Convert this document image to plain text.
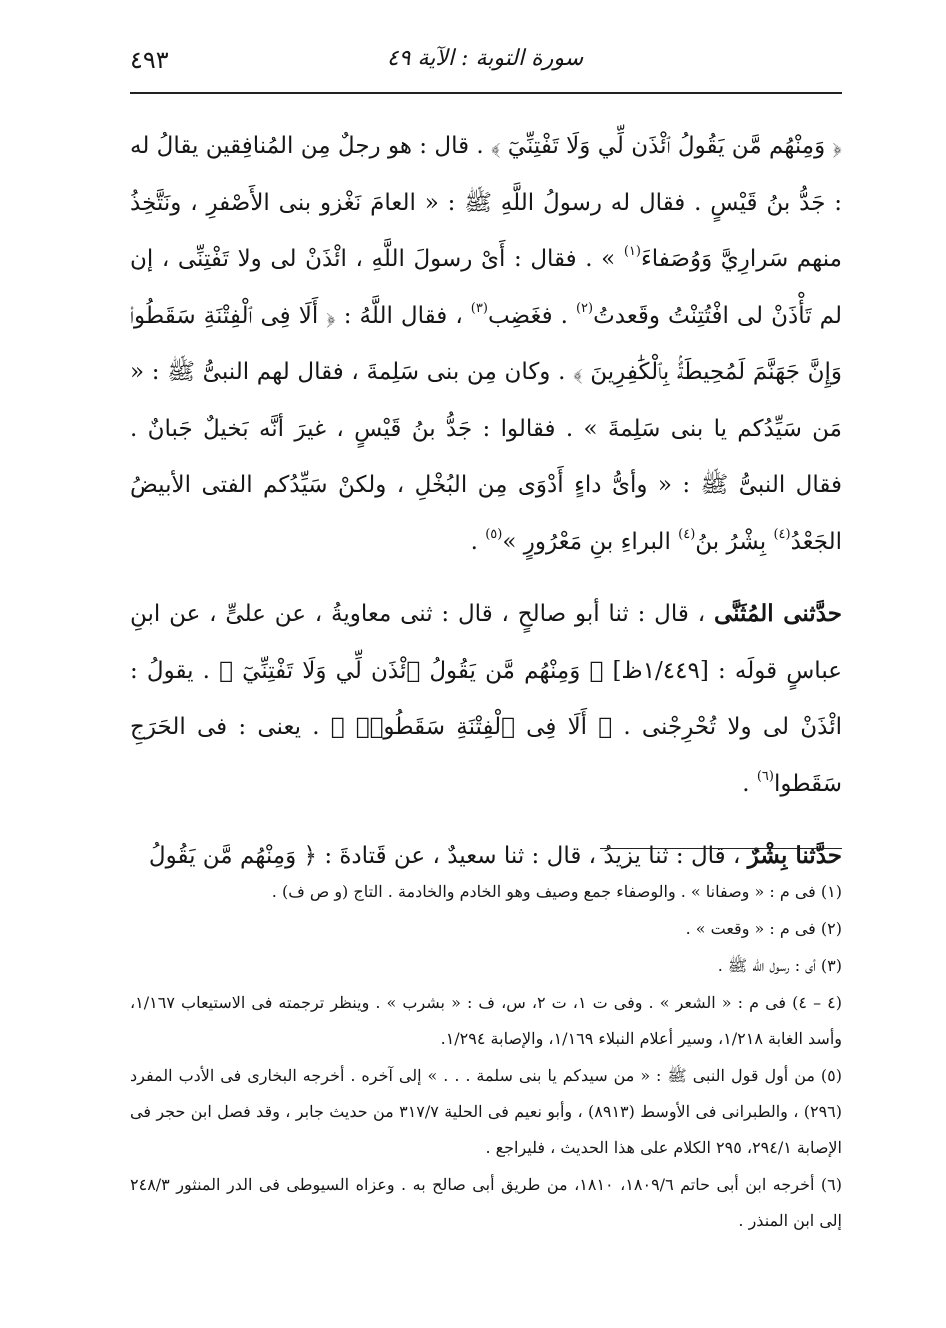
سورة التوبة : الآية ٤٩
٤٩٣

﴿ وَمِنْهُم مَّن يَقُولُ ٱئْذَن لِّي وَلَا تَفْتِنِّيٓ ﴾ . قال : هو رجلٌ مِن المُنافِقين يقالُ له : جَدُّ بنُ قَيْسٍ . فقال له رسولُ اللَّهِ ﷺ : « العامَ نَغْزو بنى الأَصْفرِ ، ونَتَّخِذُ منهم سَرارِيَّ وَوُصَفاءَ$^{(١)}$ » . فقال : أَىْ رسولَ اللَّهِ ، ائْذَنْ لى ولا تَفْتِنِّى ، إن لم تَأْذَنْ لى افْتُتِنْتُ وقَعدتُ$^{(٢)}$ . فغَضِب$^{(٣)}$ ، فقال اللَّهُ : ﴿ أَلَا فِى ٱلْفِتْنَةِ سَقَطُوا۟ وَإِنَّ جَهَنَّمَ لَمُحِيطَةٌۢ بِٱلْكَٰفِرِينَ ﴾ . وكان مِن بنى سَلِمةَ ، فقال لهم النبىُّ ﷺ : « مَن سَيِّدُكم يا بنى سَلِمةَ » . فقالوا : جَدُّ بنُ قَيْسٍ ، غيرَ أنَّه بَخيلٌ جَبانٌ . فقال النبىُّ ﷺ : « وأىُّ داءٍ أَدْوَى مِن البُخْلِ ، ولكنْ سَيِّدُكم الفتى الأبيضُ الجَعْدُ$^{(٤)}$ بِشْرُ بنُ$^{(٤)}$ البراءِ بنِ مَعْرُورٍ »$^{(٥)}$ .

حدَّثنى المُثَنَّى ، قال : ثنا أبو صالحٍ ، قال : ثنى معاويةُ ، عن علىٍّ ، عن ابنِ عباسٍ قولَه : [١/٤٤٩ظ] ﴿ وَمِنْهُم مَّن يَقُولُ ٱئْذَن لِّي وَلَا تَفْتِنِّيٓ ﴾ . يقولُ : ائْذَنْ لى ولا تُحْرِجْنى . ﴿ أَلَا فِى ٱلْفِتْنَةِ سَقَطُوا۟ ﴾ . يعنى : فى الحَرَجِ سَقَطوا$^{(٦)}$ .

حدَّثنا بِشْرٌ ، قال : ثنا يزيدُ ، قال : ثنا سعيدٌ ، عن قَتادةَ : ﴿ وَمِنْهُم مَّن يَقُولُ

(١) فى م : « وصفانا » . والوصفاء جمع وصيف وهو الخادم والخادمة . التاج (و ص ف) .

(٢) فى م : « وقعت » .

(٣) أى : رسول الله ﷺ .

(٤ – ٤) فى م : « الشعر » . وفى ت ١، ت ٢، س، ف : « بشرب » . وينظر ترجمته فى الاستيعاب ١/١٦٧، وأسد الغابة ١/٢١٨، وسير أعلام النبلاء ١/١٦٩، والإصابة ١/٢٩٤.

(٥) من أول قول النبى ﷺ : « من سيدكم يا بنى سلمة . . . » إلى آخره . أخرجه البخارى فى الأدب المفرد (٢٩٦) ، والطبرانى فى الأوسط (٨٩١٣) ، وأبو نعيم فى الحلية ٣١٧/٧ من حديث جابر ، وقد فصل ابن حجر فى الإصابة ٢٩٤/١، ٢٩٥ الكلام على هذا الحديث ، فليراجع .

(٦) أخرجه ابن أبى حاتم ١٨٠٩/٦، ١٨١٠، من طريق أبى صالح به . وعزاه السيوطى فى الدر المنثور ٢٤٨/٣ إلى ابن المنذر .
